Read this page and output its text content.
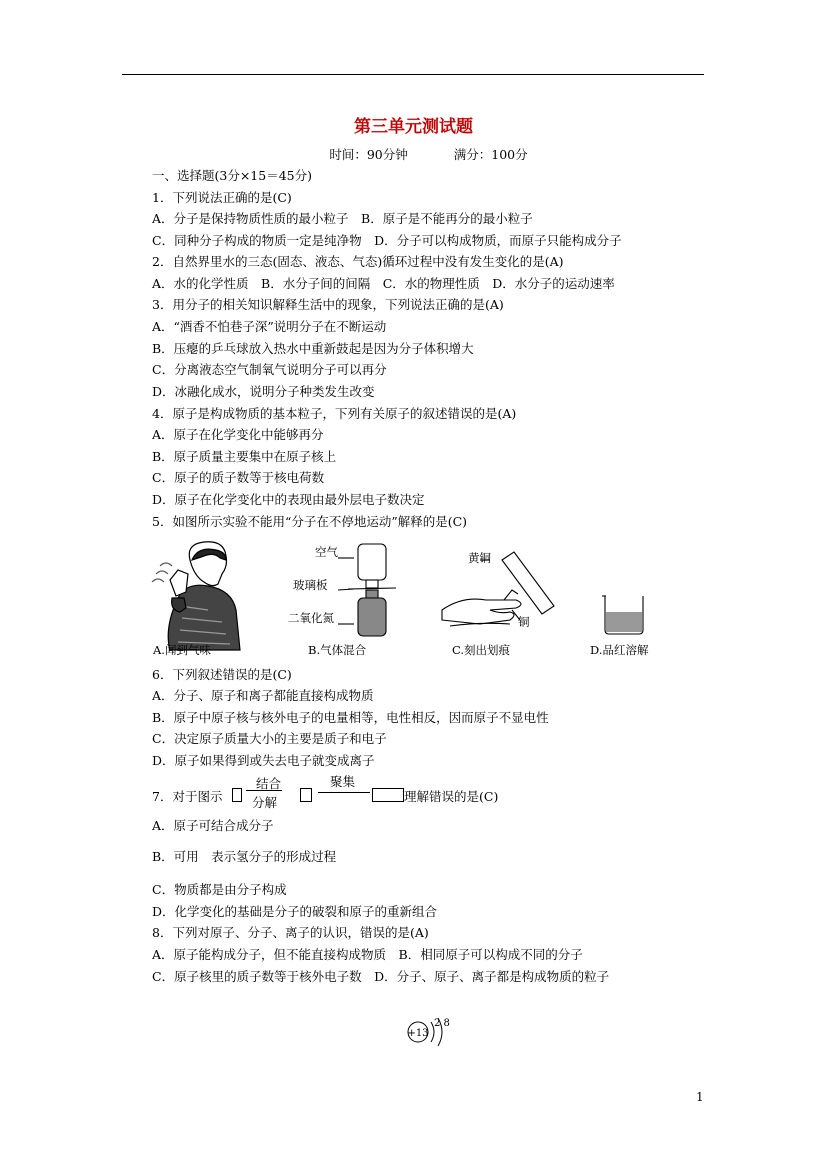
第三单元测试题
时间：90分钟	满分：100分
一、选择题(3分×15＝45分)
1．下列说法正确的是(C)
A．分子是保持物质性质的最小粒子　B．原子是不能再分的最小粒子
C．同种分子构成的物质一定是纯净物　D．分子可以构成物质，而原子只能构成分子
2．自然界里水的三态(固态、液态、气态)循环过程中没有发生变化的是(A)
A．水的化学性质　B．水分子间的间隔　C．水的物理性质　D．水分子的运动速率
3．用分子的相关知识解释生活中的现象，下列说法正确的是(A)
A．“酒香不怕巷子深”说明分子在不断运动
B．压瘪的乒乓球放入热水中重新鼓起是因为分子体积增大
C．分离液态空气制氧气说明分子可以再分
D．冰融化成水，说明分子种类发生改变
4．原子是构成物质的基本粒子，下列有关原子的叙述错误的是(A)
A．原子在化学变化中能够再分
B．原子质量主要集中在原子核上
C．原子的质子数等于核电荷数
D．原子在化学变化中的表现由最外层电子数决定
5．如图所示实验不能用“分子在不停地运动”解释的是(C)
空气
玻璃板
二氧化氮
黄铜
铜
A.闻到气味	B.气体混合	C.刻出划痕	D.品红溶解
6．下列叙述错误的是(C)
A．分子、原子和离子都能直接构成物质
B．原子中原子核与核外电子的电量相等，电性相反，因而原子不显电性
C．决定原子质量大小的主要是质子和电子
D．原子如果得到或失去电子就变成离子
7．对于图示
结合
分解
聚集
理解错误的是(C)
A．原子可结合成分子
B．可用　表示氢分子的形成过程
C．物质都是由分子构成
D．化学变化的基础是分子的破裂和原子的重新组合
8．下列对原子、分子、离子的认识，错误的是(A)
A．原子能构成分子，但不能直接构成物质　B．相同原子可以构成不同的分子
C．原子核里的质子数等于核外电子数　D．分子、原子、离子都是构成物质的粒子
+13
2 8
1
